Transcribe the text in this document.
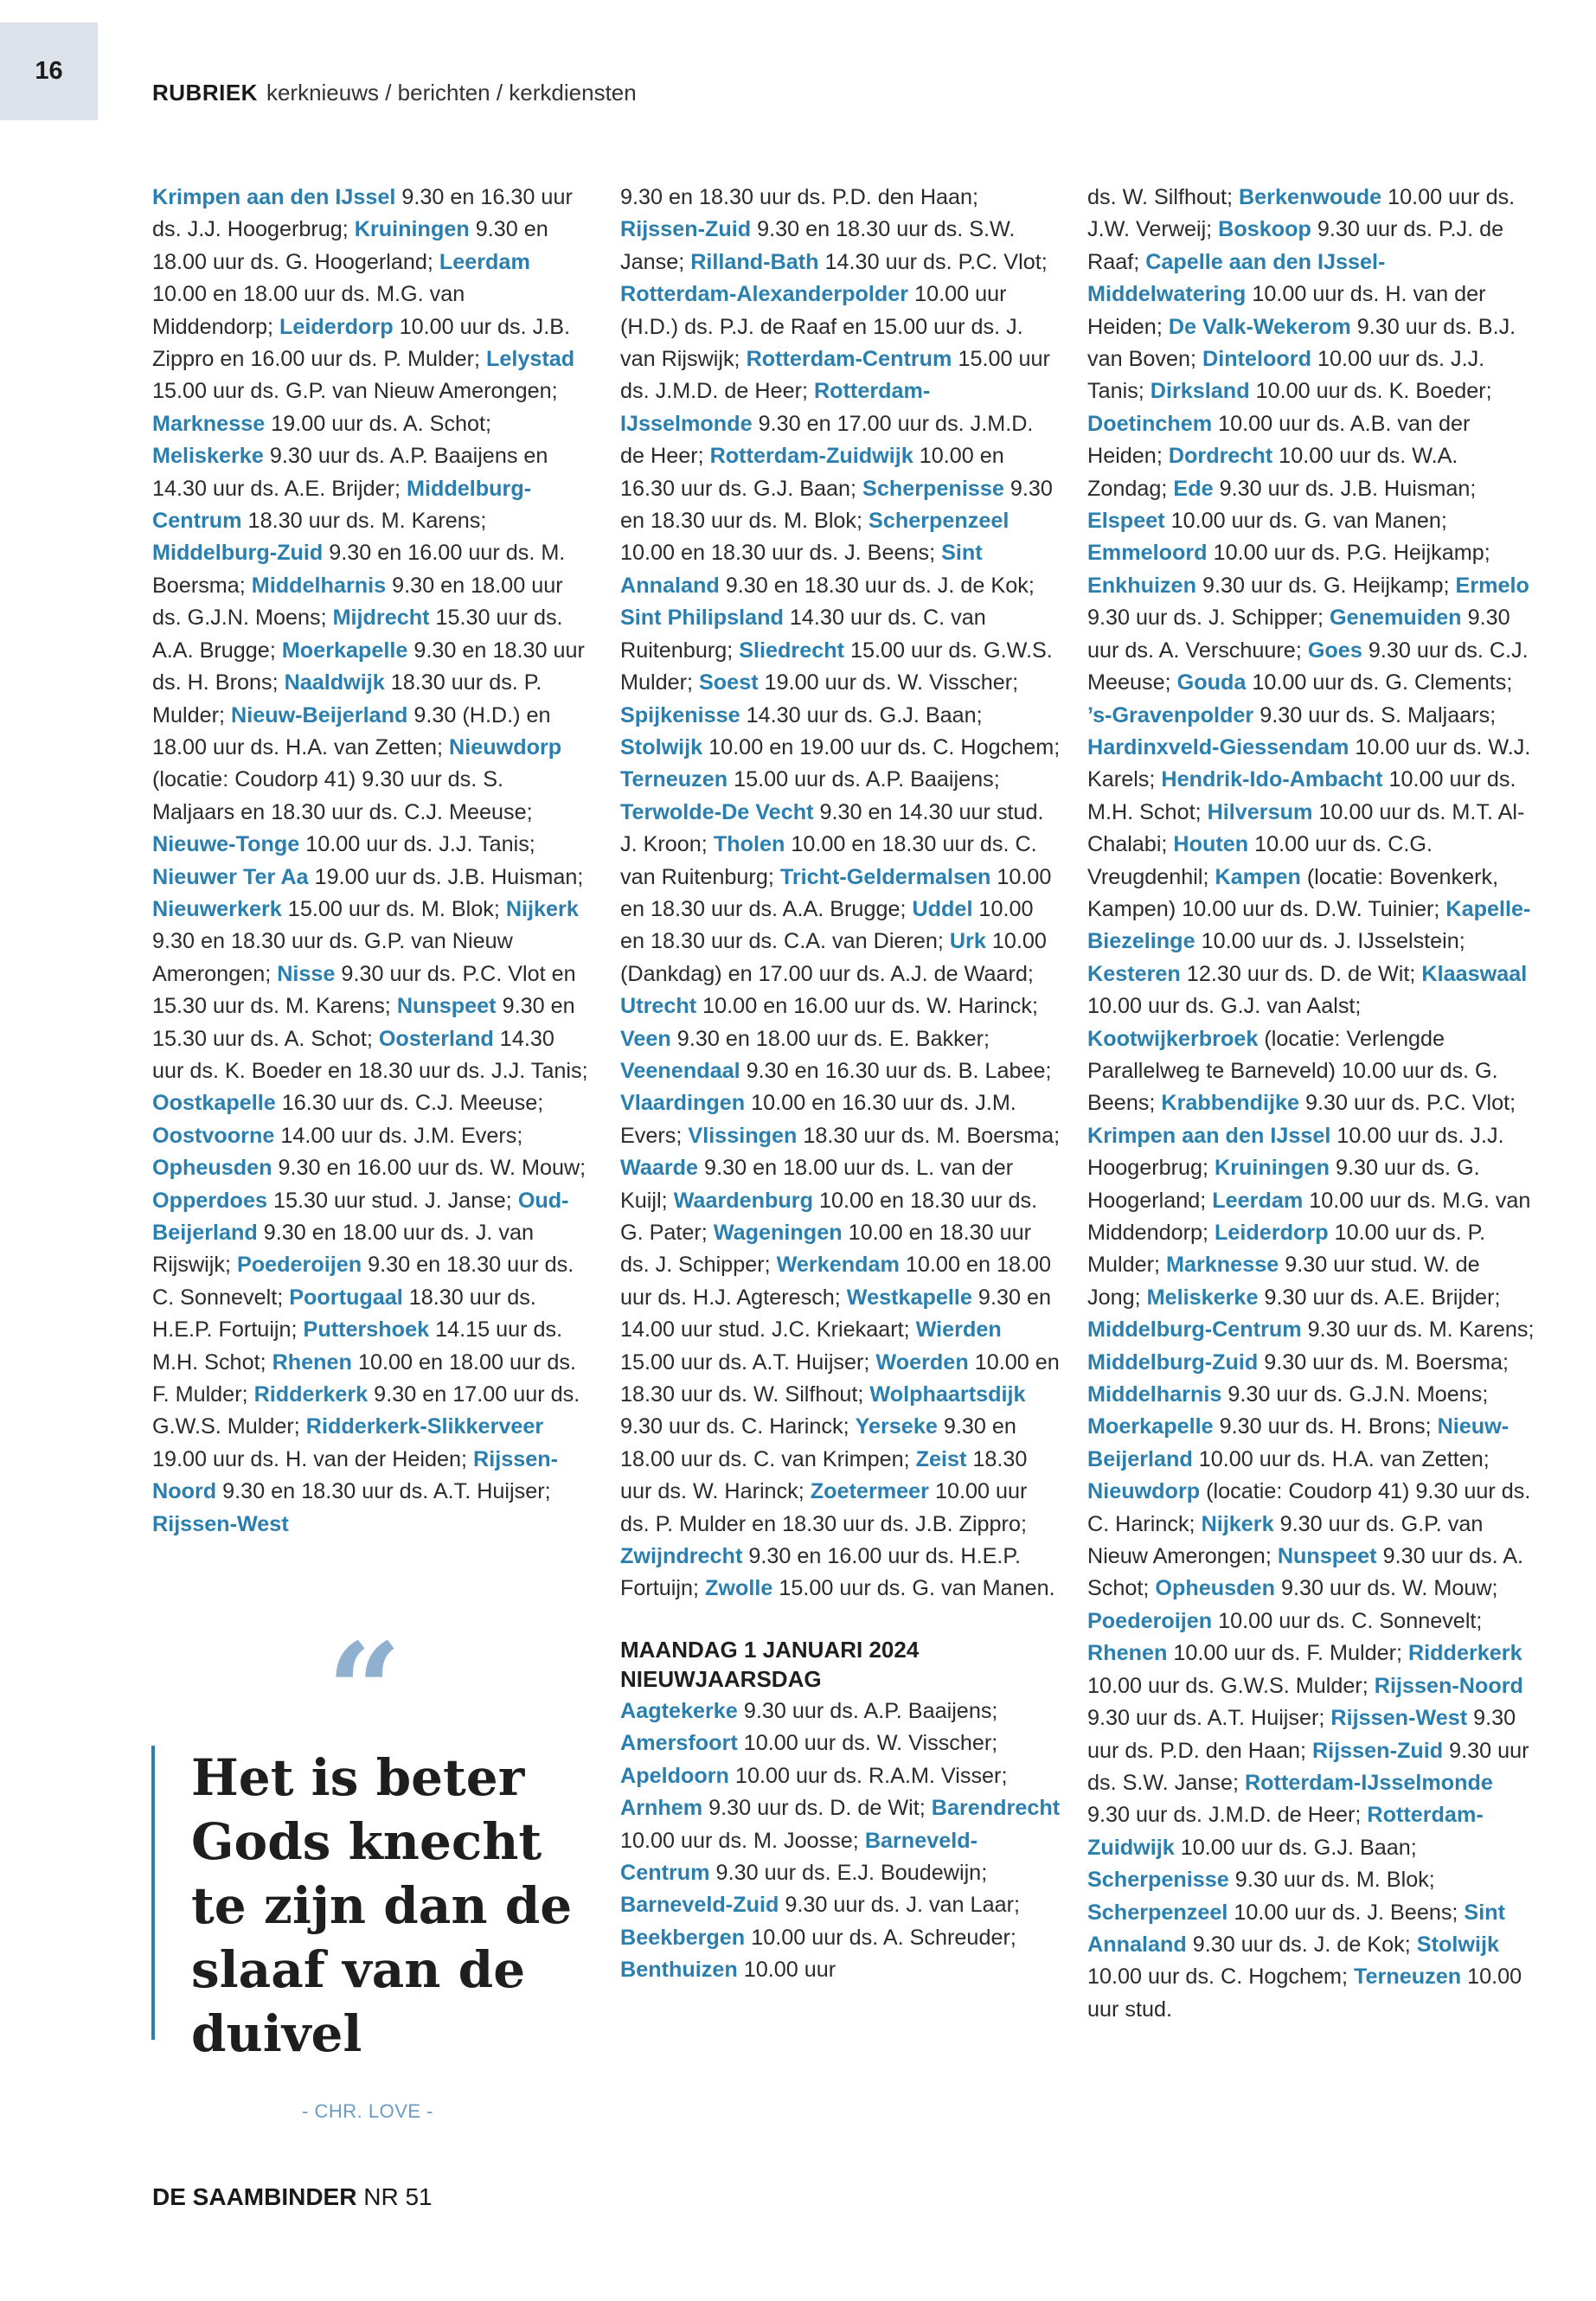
16
RUBRIEK kerknieuws / berichten / kerkdiensten

Krimpen aan den IJssel 9.30 en 16.30 uur ds. J.J. Hoogerbrug; Kruiningen 9.30 en 18.00 uur ds. G. Hoogerland; Leerdam 10.00 en 18.00 uur ds. M.G. van Middendorp; Leiderdorp 10.00 uur ds. J.B. Zippro en 16.00 uur ds. P. Mulder; Lelystad 15.00 uur ds. G.P. van Nieuw Amerongen; Marknesse 19.00 uur ds. A. Schot; Meliskerke 9.30 uur ds. A.P. Baaijens en 14.30 uur ds. A.E. Brijder; Middelburg-Centrum 18.30 uur ds. M. Karens; Middelburg-Zuid 9.30 en 16.00 uur ds. M. Boersma; Middelharnis 9.30 en 18.00 uur ds. G.J.N. Moens; Mijdrecht 15.30 uur ds. A.A. Brugge; Moerkapelle 9.30 en 18.30 uur ds. H. Brons; Naaldwijk 18.30 uur ds. P. Mulder; Nieuw-Beijerland 9.30 (H.D.) en 18.00 uur ds. H.A. van Zetten; Nieuwdorp (locatie: Coudorp 41) 9.30 uur ds. S. Maljaars en 18.30 uur ds. C.J. Meeuse; Nieuwe-Tonge 10.00 uur ds. J.J. Tanis; Nieuwer Ter Aa 19.00 uur ds. J.B. Huisman; Nieuwerkerk 15.00 uur ds. M. Blok; Nijkerk 9.30 en 18.30 uur ds. G.P. van Nieuw Amerongen; Nisse 9.30 uur ds. P.C. Vlot en 15.30 uur ds. M. Karens; Nunspeet 9.30 en 15.30 uur ds. A. Schot; Oosterland 14.30 uur ds. K. Boeder en 18.30 uur ds. J.J. Tanis; Oostkapelle 16.30 uur ds. C.J. Meeuse; Oostvoorne 14.00 uur ds. J.M. Evers; Opheusden 9.30 en 16.00 uur ds. W. Mouw; Opperdoes 15.30 uur stud. J. Janse; Oud-Beijerland 9.30 en 18.00 uur ds. J. van Rijswijk; Poederoijen 9.30 en 18.30 uur ds. C. Sonnevelt; Poortugaal 18.30 uur ds. H.E.P. Fortuijn; Puttershoek 14.15 uur ds. M.H. Schot; Rhenen 10.00 en 18.00 uur ds. F. Mulder; Ridderkerk 9.30 en 17.00 uur ds. G.W.S. Mulder; Ridderkerk-Slikkerveer 19.00 uur ds. H. van der Heiden; Rijssen-Noord 9.30 en 18.30 uur ds. A.T. Huijser; Rijssen-West

9.30 en 18.30 uur ds. P.D. den Haan; Rijssen-Zuid 9.30 en 18.30 uur ds. S.W. Janse; Rilland-Bath 14.30 uur ds. P.C. Vlot; Rotterdam-Alexanderpolder 10.00 uur (H.D.) ds. P.J. de Raaf en 15.00 uur ds. J. van Rijswijk; Rotterdam-Centrum 15.00 uur ds. J.M.D. de Heer; Rotterdam-IJsselmonde 9.30 en 17.00 uur ds. J.M.D. de Heer; Rotterdam-Zuidwijk 10.00 en 16.30 uur ds. G.J. Baan; Scherpenisse 9.30 en 18.30 uur ds. M. Blok; Scherpenzeel 10.00 en 18.30 uur ds. J. Beens; Sint Annaland 9.30 en 18.30 uur ds. J. de Kok; Sint Philipsland 14.30 uur ds. C. van Ruitenburg; Sliedrecht 15.00 uur ds. G.W.S. Mulder; Soest 19.00 uur ds. W. Visscher; Spijkenisse 14.30 uur ds. G.J. Baan; Stolwijk 10.00 en 19.00 uur ds. C. Hogchem; Terneuzen 15.00 uur ds. A.P. Baaijens; Terwolde-De Vecht 9.30 en 14.30 uur stud. J. Kroon; Tholen 10.00 en 18.30 uur ds. C. van Ruitenburg; Tricht-Geldermalsen 10.00 en 18.30 uur ds. A.A. Brugge; Uddel 10.00 en 18.30 uur ds. C.A. van Dieren; Urk 10.00 (Dankdag) en 17.00 uur ds. A.J. de Waard; Utrecht 10.00 en 16.00 uur ds. W. Harinck; Veen 9.30 en 18.00 uur ds. E. Bakker; Veenendaal 9.30 en 16.30 uur ds. B. Labee; Vlaardingen 10.00 en 16.30 uur ds. J.M. Evers; Vlissingen 18.30 uur ds. M. Boersma; Waarde 9.30 en 18.00 uur ds. L. van der Kuijl; Waardenburg 10.00 en 18.30 uur ds. G. Pater; Wageningen 10.00 en 18.30 uur ds. J. Schipper; Werkendam 10.00 en 18.00 uur ds. H.J. Agteresch; Westkapelle 9.30 en 14.00 uur stud. J.C. Kriekaart; Wierden 15.00 uur ds. A.T. Huijser; Woerden 10.00 en 18.30 uur ds. W. Silfhout; Wolphaartsdijk 9.30 uur ds. C. Harinck; Yerseke 9.30 en 18.00 uur ds. C. van Krimpen; Zeist 18.30 uur ds. W. Harinck; Zoetermeer 10.00 uur ds. P. Mulder en 18.30 uur ds. J.B. Zippro; Zwijndrecht 9.30 en 16.00 uur ds. H.E.P. Fortuijn; Zwolle 15.00 uur ds. G. van Manen.

MAANDAG 1 JANUARI 2024
NIEUWJAARSDAG

Aagtekerke 9.30 uur ds. A.P. Baaijens; Amersfoort 10.00 uur ds. W. Visscher; Apeldoorn 10.00 uur ds. R.A.M. Visser; Arnhem 9.30 uur ds. D. de Wit; Barendrecht 10.00 uur ds. M. Joosse; Barneveld-Centrum 9.30 uur ds. E.J. Boudewijn; Barneveld-Zuid 9.30 uur ds. J. van Laar; Beekbergen 10.00 uur ds. A. Schreuder; Benthuizen 10.00 uur

ds. W. Silfhout; Berkenwoude 10.00 uur ds. J.W. Verweij; Boskoop 9.30 uur ds. P.J. de Raaf; Capelle aan den IJssel-Middelwatering 10.00 uur ds. H. van der Heiden; De Valk-Wekerom 9.30 uur ds. B.J. van Boven; Dinteloord 10.00 uur ds. J.J. Tanis; Dirksland 10.00 uur ds. K. Boeder; Doetinchem 10.00 uur ds. A.B. van der Heiden; Dordrecht 10.00 uur ds. W.A. Zondag; Ede 9.30 uur ds. J.B. Huisman; Elspeet 10.00 uur ds. G. van Manen; Emmeloord 10.00 uur ds. P.G. Heijkamp; Enkhuizen 9.30 uur ds. G. Heijkamp; Ermelo 9.30 uur ds. J. Schipper; Genemuiden 9.30 uur ds. A. Verschuure; Goes 9.30 uur ds. C.J. Meeuse; Gouda 10.00 uur ds. G. Clements; ’s-Gravenpolder 9.30 uur ds. S. Maljaars; Hardinxveld-Giessendam 10.00 uur ds. W.J. Karels; Hendrik-Ido-Ambacht 10.00 uur ds. M.H. Schot; Hilversum 10.00 uur ds. M.T. Al-Chalabi; Houten 10.00 uur ds. C.G. Vreugdenhil; Kampen (locatie: Bovenkerk, Kampen) 10.00 uur ds. D.W. Tuinier; Kapelle-Biezelinge 10.00 uur ds. J. IJsselstein; Kesteren 12.30 uur ds. D. de Wit; Klaaswaal 10.00 uur ds. G.J. van Aalst; Kootwijkerbroek (locatie: Verlengde Parallelweg te Barneveld) 10.00 uur ds. G. Beens; Krabbendijke 9.30 uur ds. P.C. Vlot; Krimpen aan den IJssel 10.00 uur ds. J.J. Hoogerbrug; Kruiningen 9.30 uur ds. G. Hoogerland; Leerdam 10.00 uur ds. M.G. van Middendorp; Leiderdorp 10.00 uur ds. P. Mulder; Marknesse 9.30 uur stud. W. de Jong; Meliskerke 9.30 uur ds. A.E. Brijder; Middelburg-Centrum 9.30 uur ds. M. Karens; Middelburg-Zuid 9.30 uur ds. M. Boersma; Middelharnis 9.30 uur ds. G.J.N. Moens; Moerkapelle 9.30 uur ds. H. Brons; Nieuw-Beijerland 10.00 uur ds. H.A. van Zetten; Nieuwdorp (locatie: Coudorp 41) 9.30 uur ds. C. Harinck; Nijkerk 9.30 uur ds. G.P. van Nieuw Amerongen; Nunspeet 9.30 uur ds. A. Schot; Opheusden 9.30 uur ds. W. Mouw; Poederoijen 10.00 uur ds. C. Sonnevelt; Rhenen 10.00 uur ds. F. Mulder; Ridderkerk 10.00 uur ds. G.W.S. Mulder; Rijssen-Noord 9.30 uur ds. A.T. Huijser; Rijssen-West 9.30 uur ds. P.D. den Haan; Rijssen-Zuid 9.30 uur ds. S.W. Janse; Rotterdam-IJsselmonde 9.30 uur ds. J.M.D. de Heer; Rotterdam-Zuidwijk 10.00 uur ds. G.J. Baan; Scherpenisse 9.30 uur ds. M. Blok; Scherpenzeel 10.00 uur ds. J. Beens; Sint Annaland 9.30 uur ds. J. de Kok; Stolwijk 10.00 uur ds. C. Hogchem; Terneuzen 10.00 uur stud.

“

Het is beter
Gods knecht
te zijn dan de
slaaf van de
duivel

- CHR. LOVE -
DE SAAMBINDER NR 51
